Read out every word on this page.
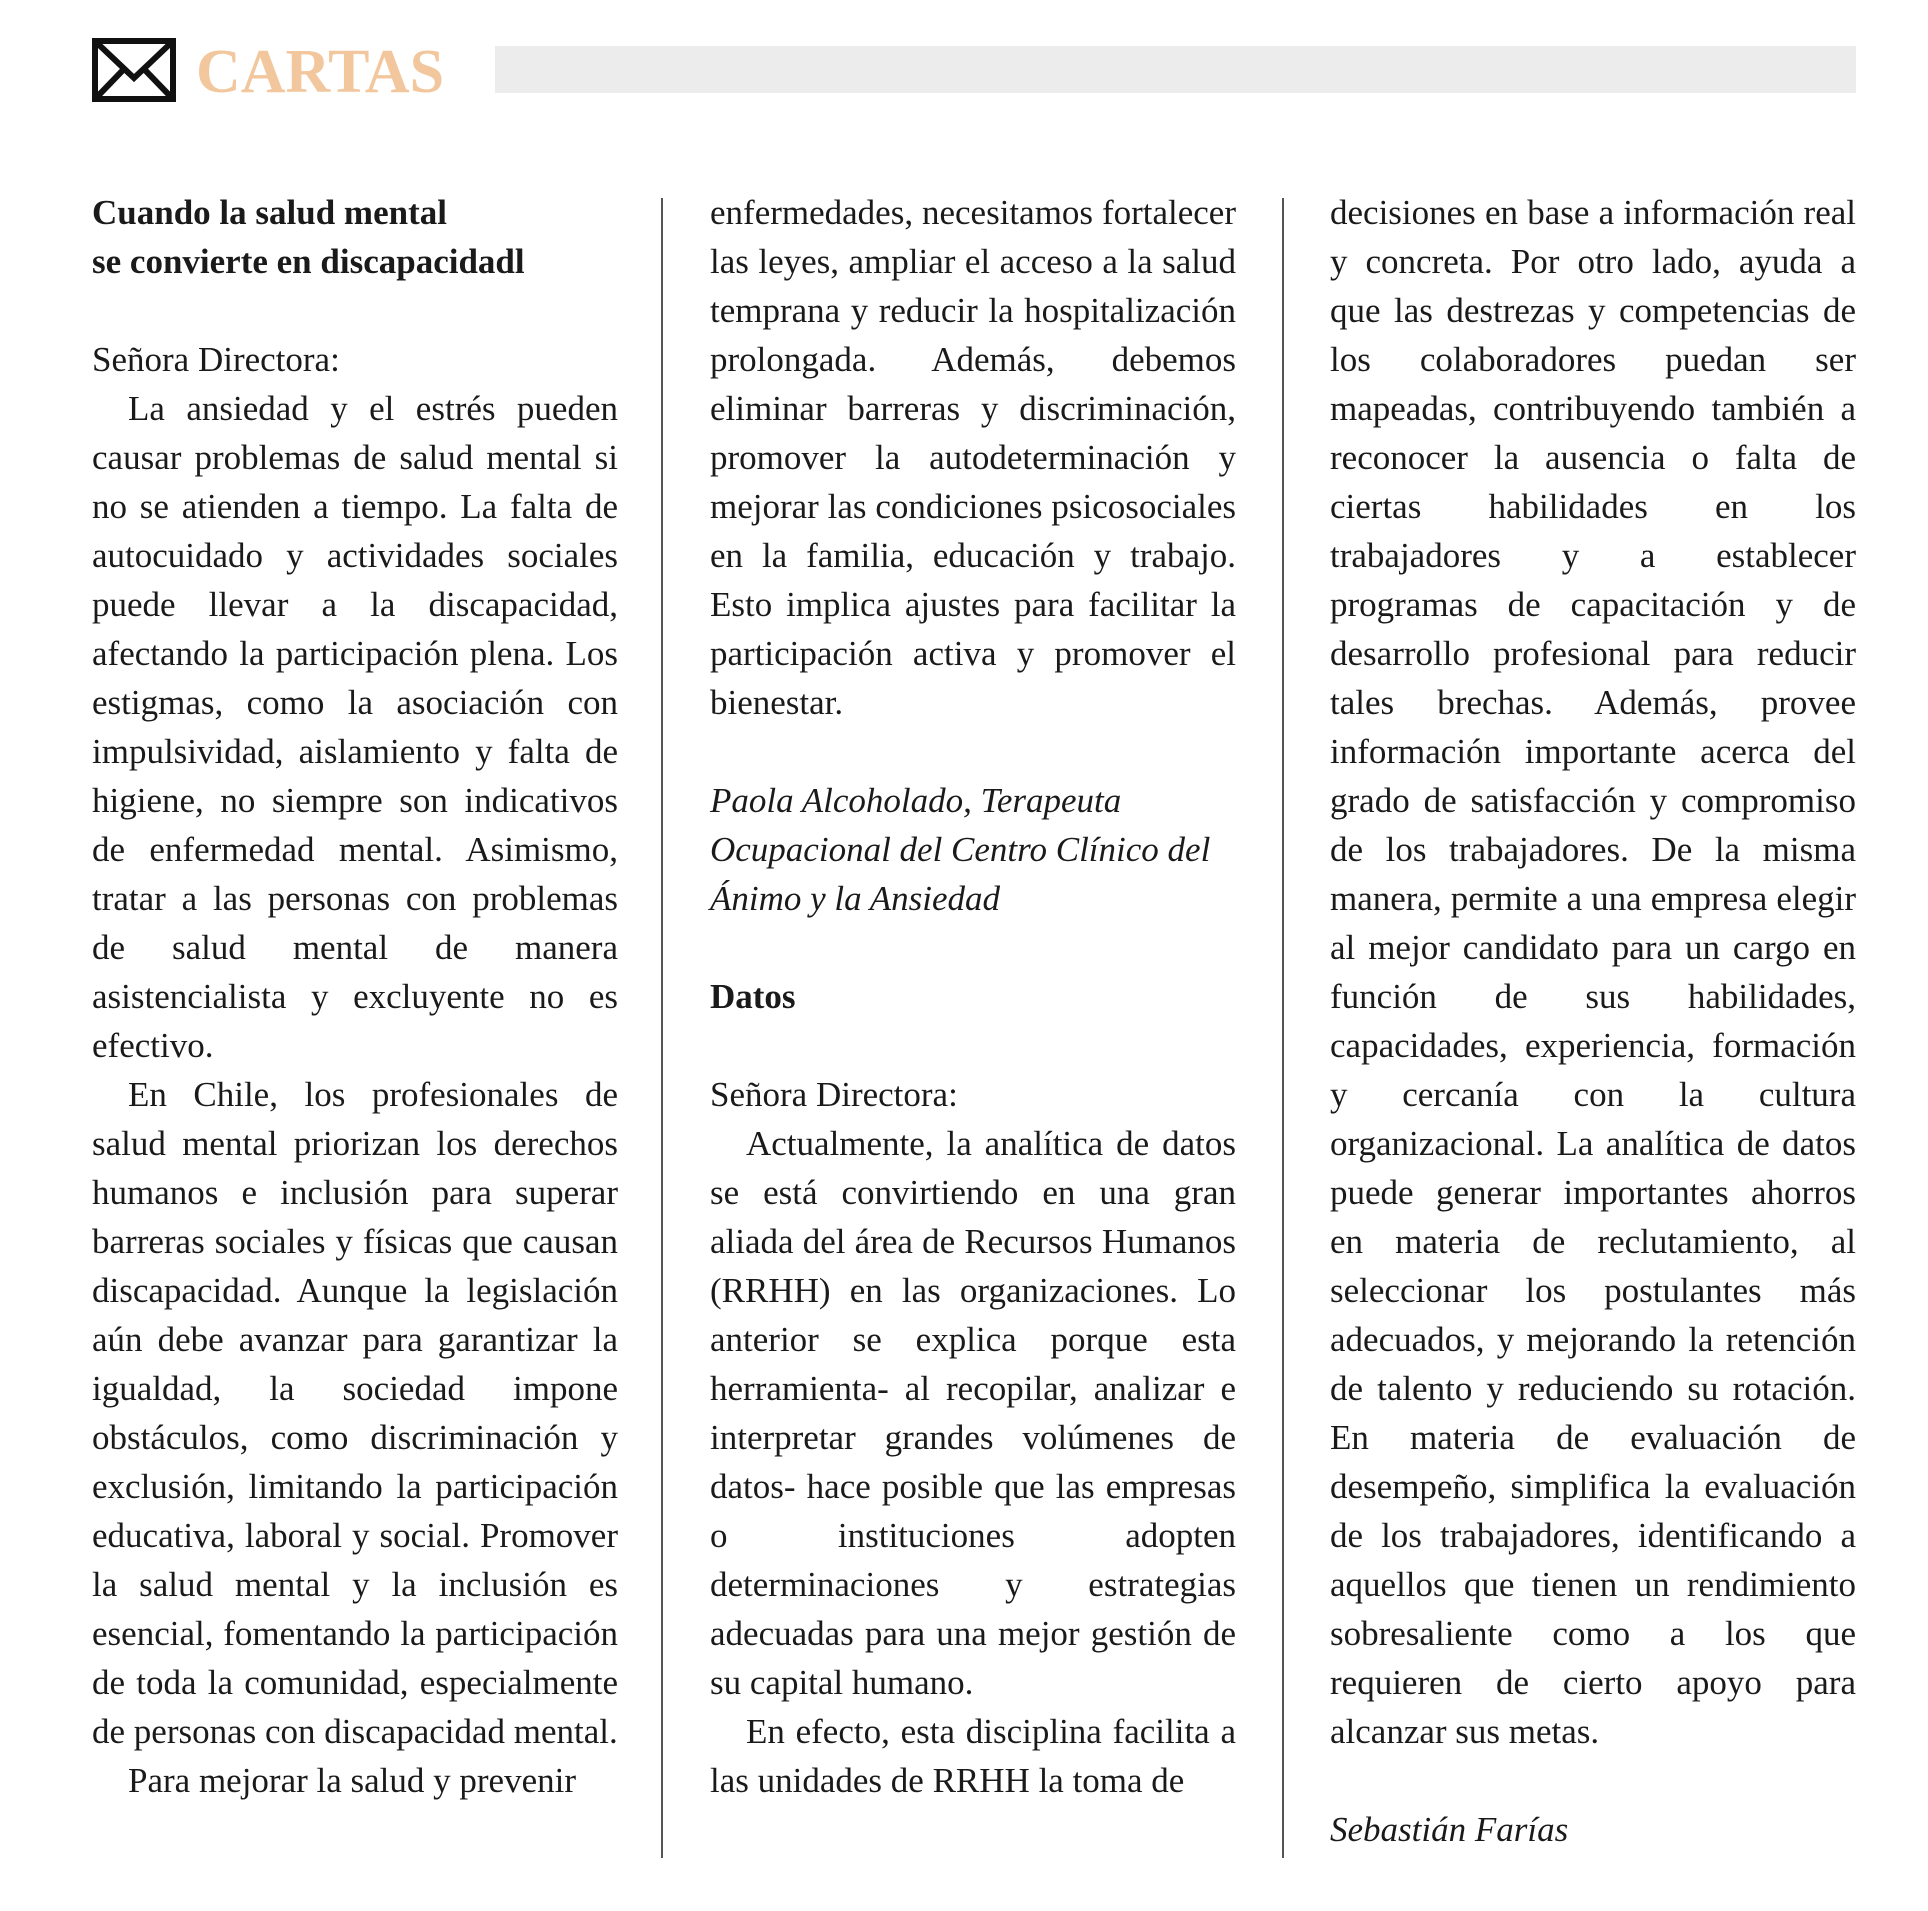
CARTAS

Cuando la salud mental
se convierte en discapacidadl

Señora Directora:

La ansiedad y el estrés pueden causar problemas de salud mental si no se atienden a tiempo. La falta de autocuidado y actividades sociales puede llevar a la discapacidad, afectando la participación plena. Los estigmas, como la asociación con impulsividad, aislamiento y falta de higiene, no siempre son indicativos de enfermedad mental. Asimismo, tratar a las personas con problemas de salud mental de manera asistencialista y excluyente no es efectivo.

En Chile, los profesionales de salud mental priorizan los derechos humanos e inclusión para superar barreras sociales y físicas que causan discapacidad. Aunque la legislación aún debe avanzar para garantizar la igualdad, la sociedad impone obstáculos, como discriminación y exclusión, limitando la participación educativa, laboral y social. Promover la salud mental y la inclusión es esencial, fomentando la participación de toda la comunidad, especialmente de personas con discapacidad mental.

Para mejorar la salud y prevenir

enfermedades, necesitamos fortalecer las leyes, ampliar el acceso a la salud temprana y reducir la hospitalización prolongada. Además, debemos eliminar barreras y discriminación, promover la autodeterminación y mejorar las condiciones psicosociales en la familia, educación y trabajo. Esto implica ajustes para facilitar la participación activa y promover el bienestar.

Paola Alcoholado, Terapeuta
Ocupacional del Centro Clínico del
Ánimo y la Ansiedad

Datos

Señora Directora:

Actualmente, la analítica de datos se está convirtiendo en una gran aliada del área de Recursos Humanos (RRHH) en las organizaciones. Lo anterior se explica porque esta herramienta- al recopilar, analizar e interpretar grandes volúmenes de datos- hace posible que las empresas o instituciones adopten determinaciones y estrategias adecuadas para una mejor gestión de su capital humano.

En efecto, esta disciplina facilita a las unidades de RRHH la toma de

decisiones en base a información real y concreta. Por otro lado, ayuda a que las destrezas y competencias de los colaboradores puedan ser mapeadas, contribuyendo también a reconocer la ausencia o falta de ciertas habilidades en los trabajadores y a establecer programas de capacitación y de desarrollo profesional para reducir tales brechas. Además, provee información importante acerca del grado de satisfacción y compromiso de los trabajadores. De la misma manera, permite a una empresa elegir al mejor candidato para un cargo en función de sus habilidades, capacidades, experiencia, formación y cercanía con la cultura organizacional. La analítica de datos puede generar importantes ahorros en materia de reclutamiento, al seleccionar los postulantes más adecuados, y mejorando la retención de talento y reduciendo su rotación. En materia de evaluación de desempeño, simplifica la evaluación de los trabajadores, identificando a aquellos que tienen un rendimiento sobresaliente como a los que requieren de cierto apoyo para alcanzar sus metas.

Sebastián Farías
